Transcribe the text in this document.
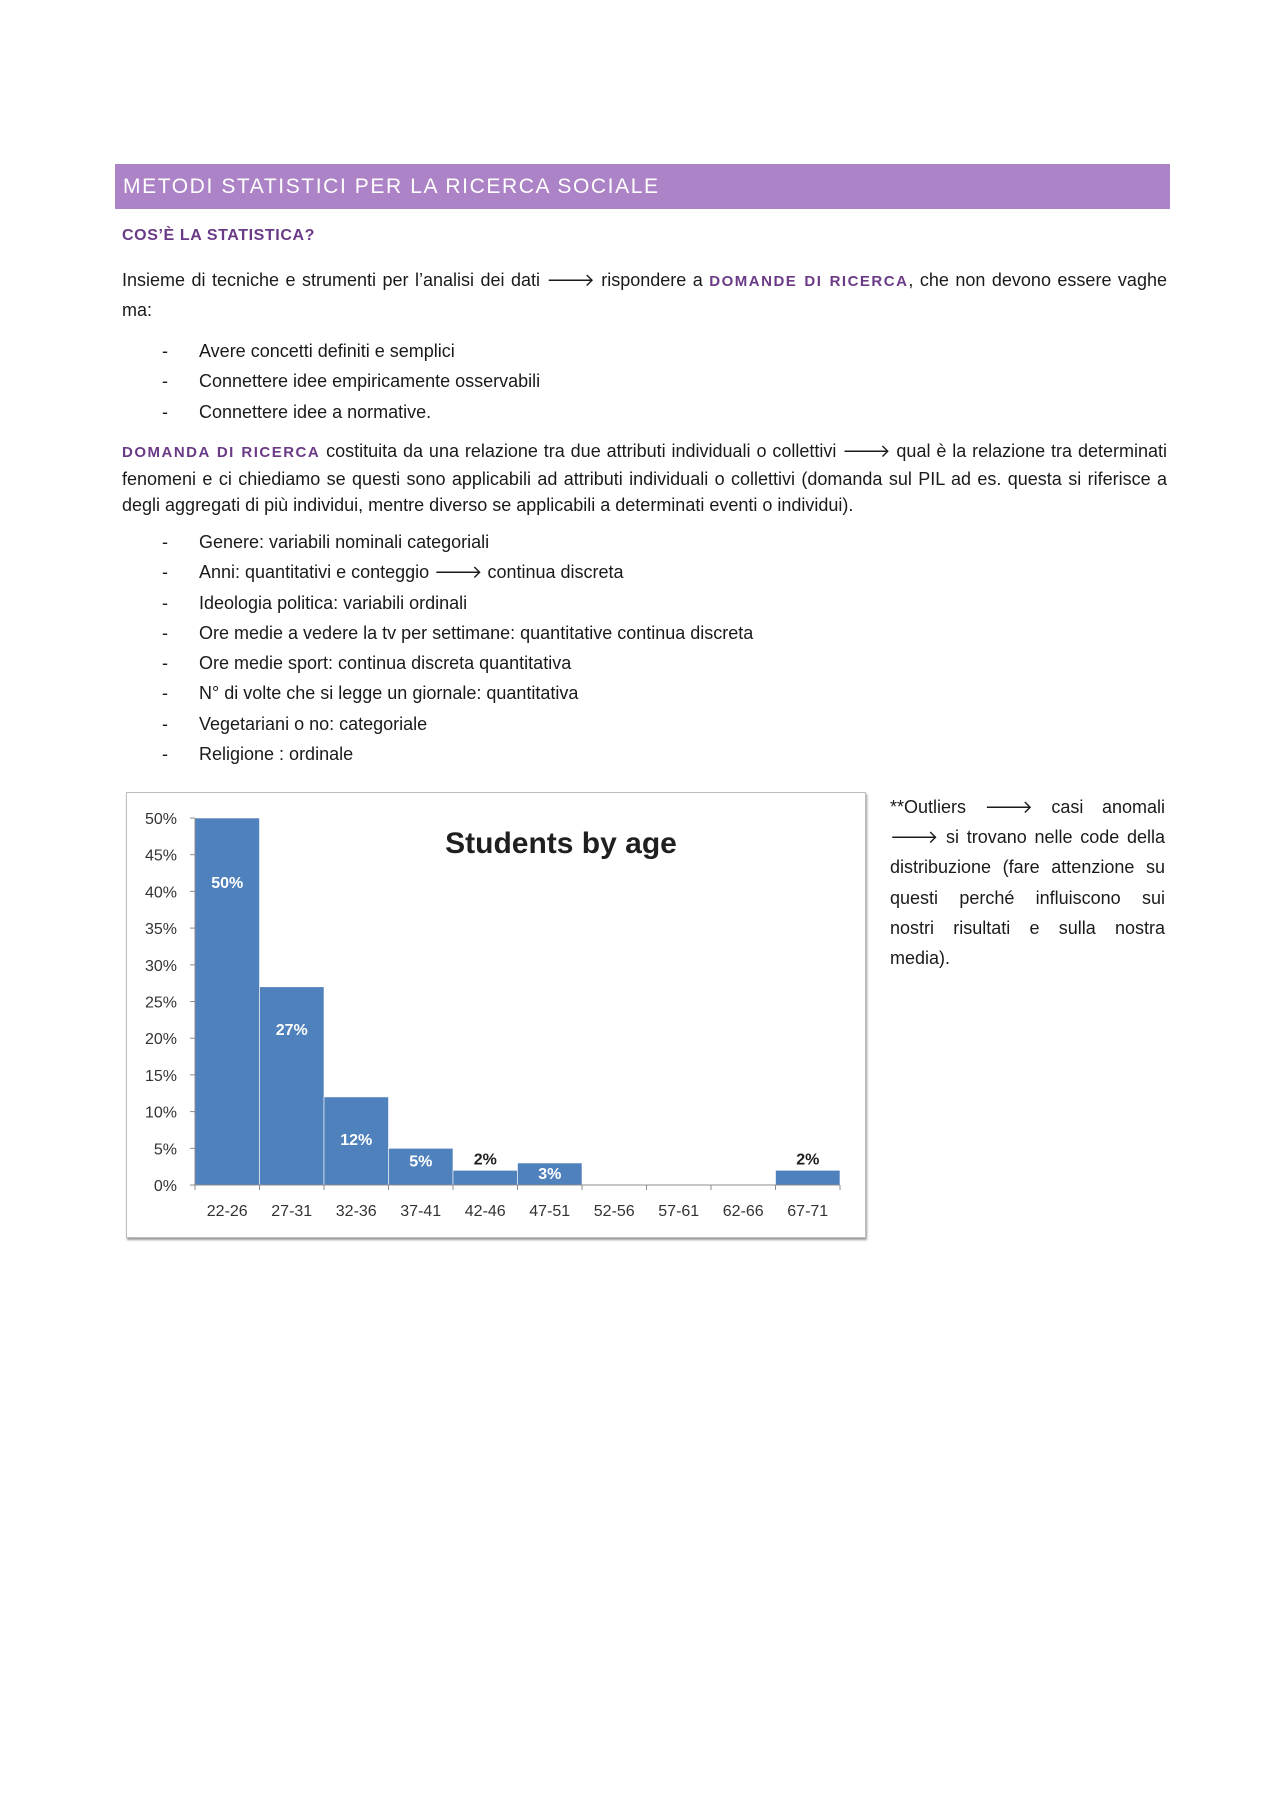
METODI STATISTICI PER LA RICERCA SOCIALE
COS’È LA STATISTICA?
Insieme di tecniche e strumenti per l’analisi dei dati 🡒 rispondere a DOMANDE DI RICERCA, che non devono essere vaghe ma:
- Avere concetti definiti e semplici
- Connettere idee empiricamente osservabili
- Connettere idee a normative.
DOMANDA DI RICERCA costituita da una relazione tra due attributi individuali o collettivi 🡒 qual è la relazione tra determinati fenomeni e ci chiediamo se questi sono applicabili ad attributi individuali o collettivi (domanda sul PIL ad es. questa si riferisce a degli aggregati di più individui, mentre diverso se applicabili a determinati eventi o individui).
- Genere: variabili nominali categoriali
- Anni: quantitativi e conteggio 🡒 continua discreta
- Ideologia politica: variabili ordinali
- Ore medie a vedere la tv per settimane: quantitative continua discreta
- Ore medie sport: continua discreta quantitativa
- N° di volte che si legge un giornale: quantitativa
- Vegetariani o no: categoriale
- Religione : ordinale
Students by age
0%
5%
10%
15%
20%
25%
30%
35%
40%
45%
50%
22-26 27-31 32-36 37-41 42-46 47-51 52-56 57-61 62-66 67-71
50%
27%
12%
5%	2%
3%
2%
**Outliers 🡒 casi anomali 🡒 si trovano nelle code della distribuzione (fare attenzione su questi perché influiscono sui nostri risultati e sulla nostra media).
